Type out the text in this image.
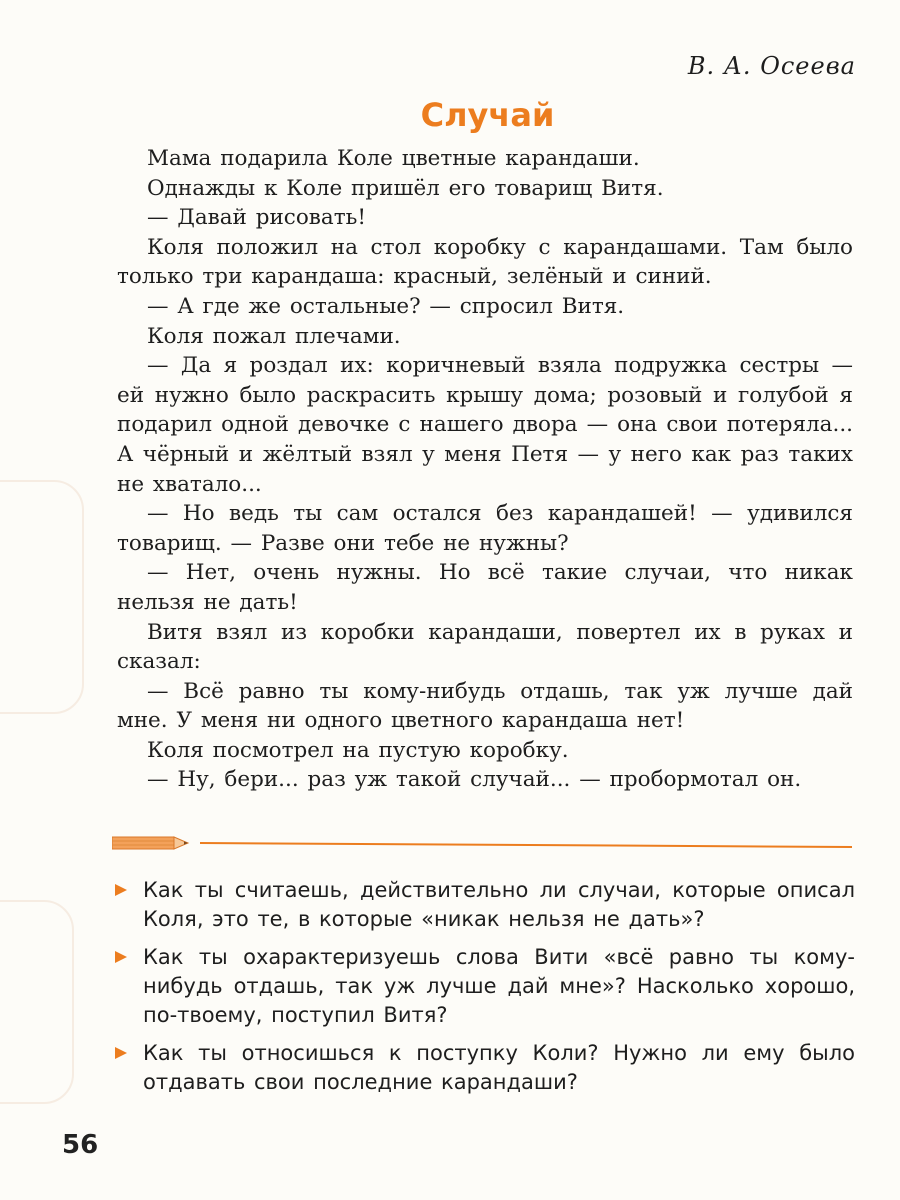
В. А. Осеева
Случай

Мама подарила Коле цветные карандаши.

Однажды к Коле пришёл его товарищ Витя.

— Давай рисовать!

Коля положил на стол коробку с карандашами. Там было только три карандаша: красный, зелёный и синий.

— А где же остальные? — спросил Витя.

Коля пожал плечами.

— Да я роздал их: коричневый взяла подружка сестры — ей нужно было раскрасить крышу дома; розовый и голубой я подарил одной девочке с нашего двора — она свои потеряла... А чёрный и жёлтый взял у меня Петя — у него как раз таких не хватало...

— Но ведь ты сам остался без карандашей! — удивился товарищ. — Разве они тебе не нужны?

— Нет, очень нужны. Но всё такие случаи, что никак нельзя не дать!

Витя взял из коробки карандаши, повертел их в руках и сказал:

— Всё равно ты кому-нибудь отдашь, так уж лучше дай мне. У меня ни одного цветного карандаша нет!

Коля посмотрел на пустую коробку.

— Ну, бери... раз уж такой случай... — пробормотал он.

Как ты считаешь, действительно ли случаи, которые описал Коля, это те, в которые «никак нельзя не дать»?
Как ты охарактеризуешь слова Вити «всё равно ты кому-нибудь отдашь, так уж лучше дай мне»? Насколько хорошо, по-твоему, поступил Витя?
Как ты относишься к поступку Коли? Нужно ли ему было отдавать свои последние карандаши?
56
